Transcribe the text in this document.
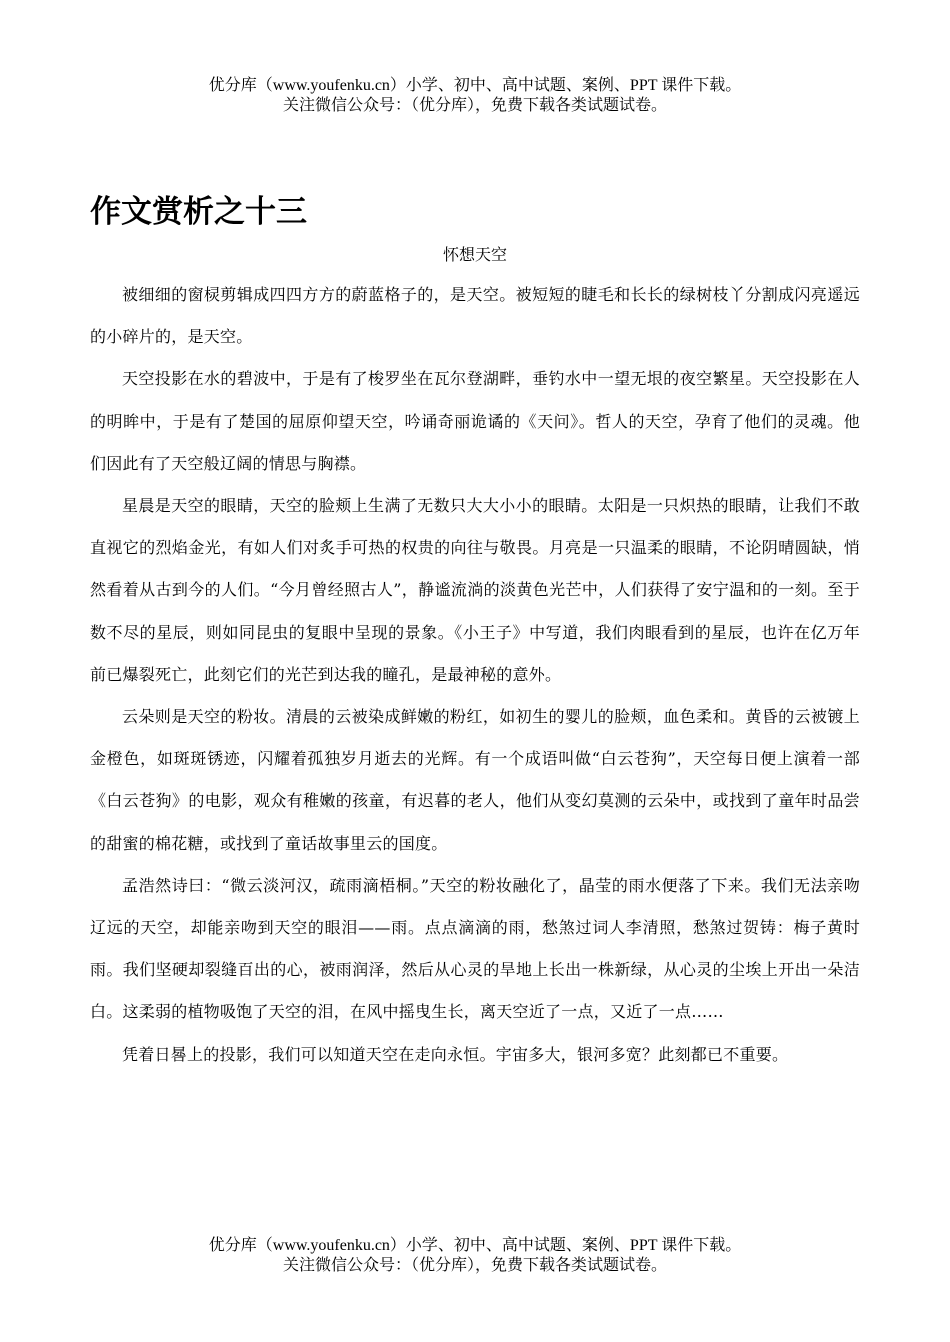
优分库（www.youfenku.cn）小学、初中、高中试题、案例、PPT 课件下载。
关注微信公众号：（优分库），免费下载各类试题试卷。
作文赏析之十三
怀想天空

被细细的窗棂剪辑成四四方方的蔚蓝格子的，是天空。被短短的睫毛和长长的绿树枝丫分割成闪亮遥远的小碎片的，是天空。

天空投影在水的碧波中，于是有了梭罗坐在瓦尔登湖畔，垂钓水中一望无垠的夜空繁星。天空投影在人的明眸中，于是有了楚国的屈原仰望天空，吟诵奇丽诡谲的《天问》。哲人的天空，孕育了他们的灵魂。他们因此有了天空般辽阔的情思与胸襟。

星晨是天空的眼睛，天空的脸颊上生满了无数只大大小小的眼睛。太阳是一只炽热的眼睛，让我们不敢直视它的烈焰金光，有如人们对炙手可热的权贵的向往与敬畏。月亮是一只温柔的眼睛，不论阴晴圆缺，悄然看着从古到今的人们。“今月曾经照古人”，静谧流淌的淡黄色光芒中，人们获得了安宁温和的一刻。至于数不尽的星辰，则如同昆虫的复眼中呈现的景象。《小王子》中写道，我们肉眼看到的星辰，也许在亿万年前已爆裂死亡，此刻它们的光芒到达我的瞳孔，是最神秘的意外。

云朵则是天空的粉妆。清晨的云被染成鲜嫩的粉红，如初生的婴儿的脸颊，血色柔和。黄昏的云被镀上金橙色，如斑斑锈迹，闪耀着孤独岁月逝去的光辉。有一个成语叫做“白云苍狗”，天空每日便上演着一部《白云苍狗》的电影，观众有稚嫩的孩童，有迟暮的老人，他们从变幻莫测的云朵中，或找到了童年时品尝的甜蜜的棉花糖，或找到了童话故事里云的国度。

孟浩然诗曰：“微云淡河汉，疏雨滴梧桐。”天空的粉妆融化了，晶莹的雨水便落了下来。我们无法亲吻辽远的天空，却能亲吻到天空的眼泪——雨。点点滴滴的雨，愁煞过词人李清照，愁煞过贺铸：梅子黄时雨。我们坚硬却裂缝百出的心，被雨润泽，然后从心灵的旱地上长出一株新绿，从心灵的尘埃上开出一朵洁白。这柔弱的植物吸饱了天空的泪，在风中摇曳生长，离天空近了一点，又近了一点……

凭着日晷上的投影，我们可以知道天空在走向永恒。宇宙多大，银河多宽？此刻都已不重要。

优分库（www.youfenku.cn）小学、初中、高中试题、案例、PPT 课件下载。
关注微信公众号：（优分库），免费下载各类试题试卷。
